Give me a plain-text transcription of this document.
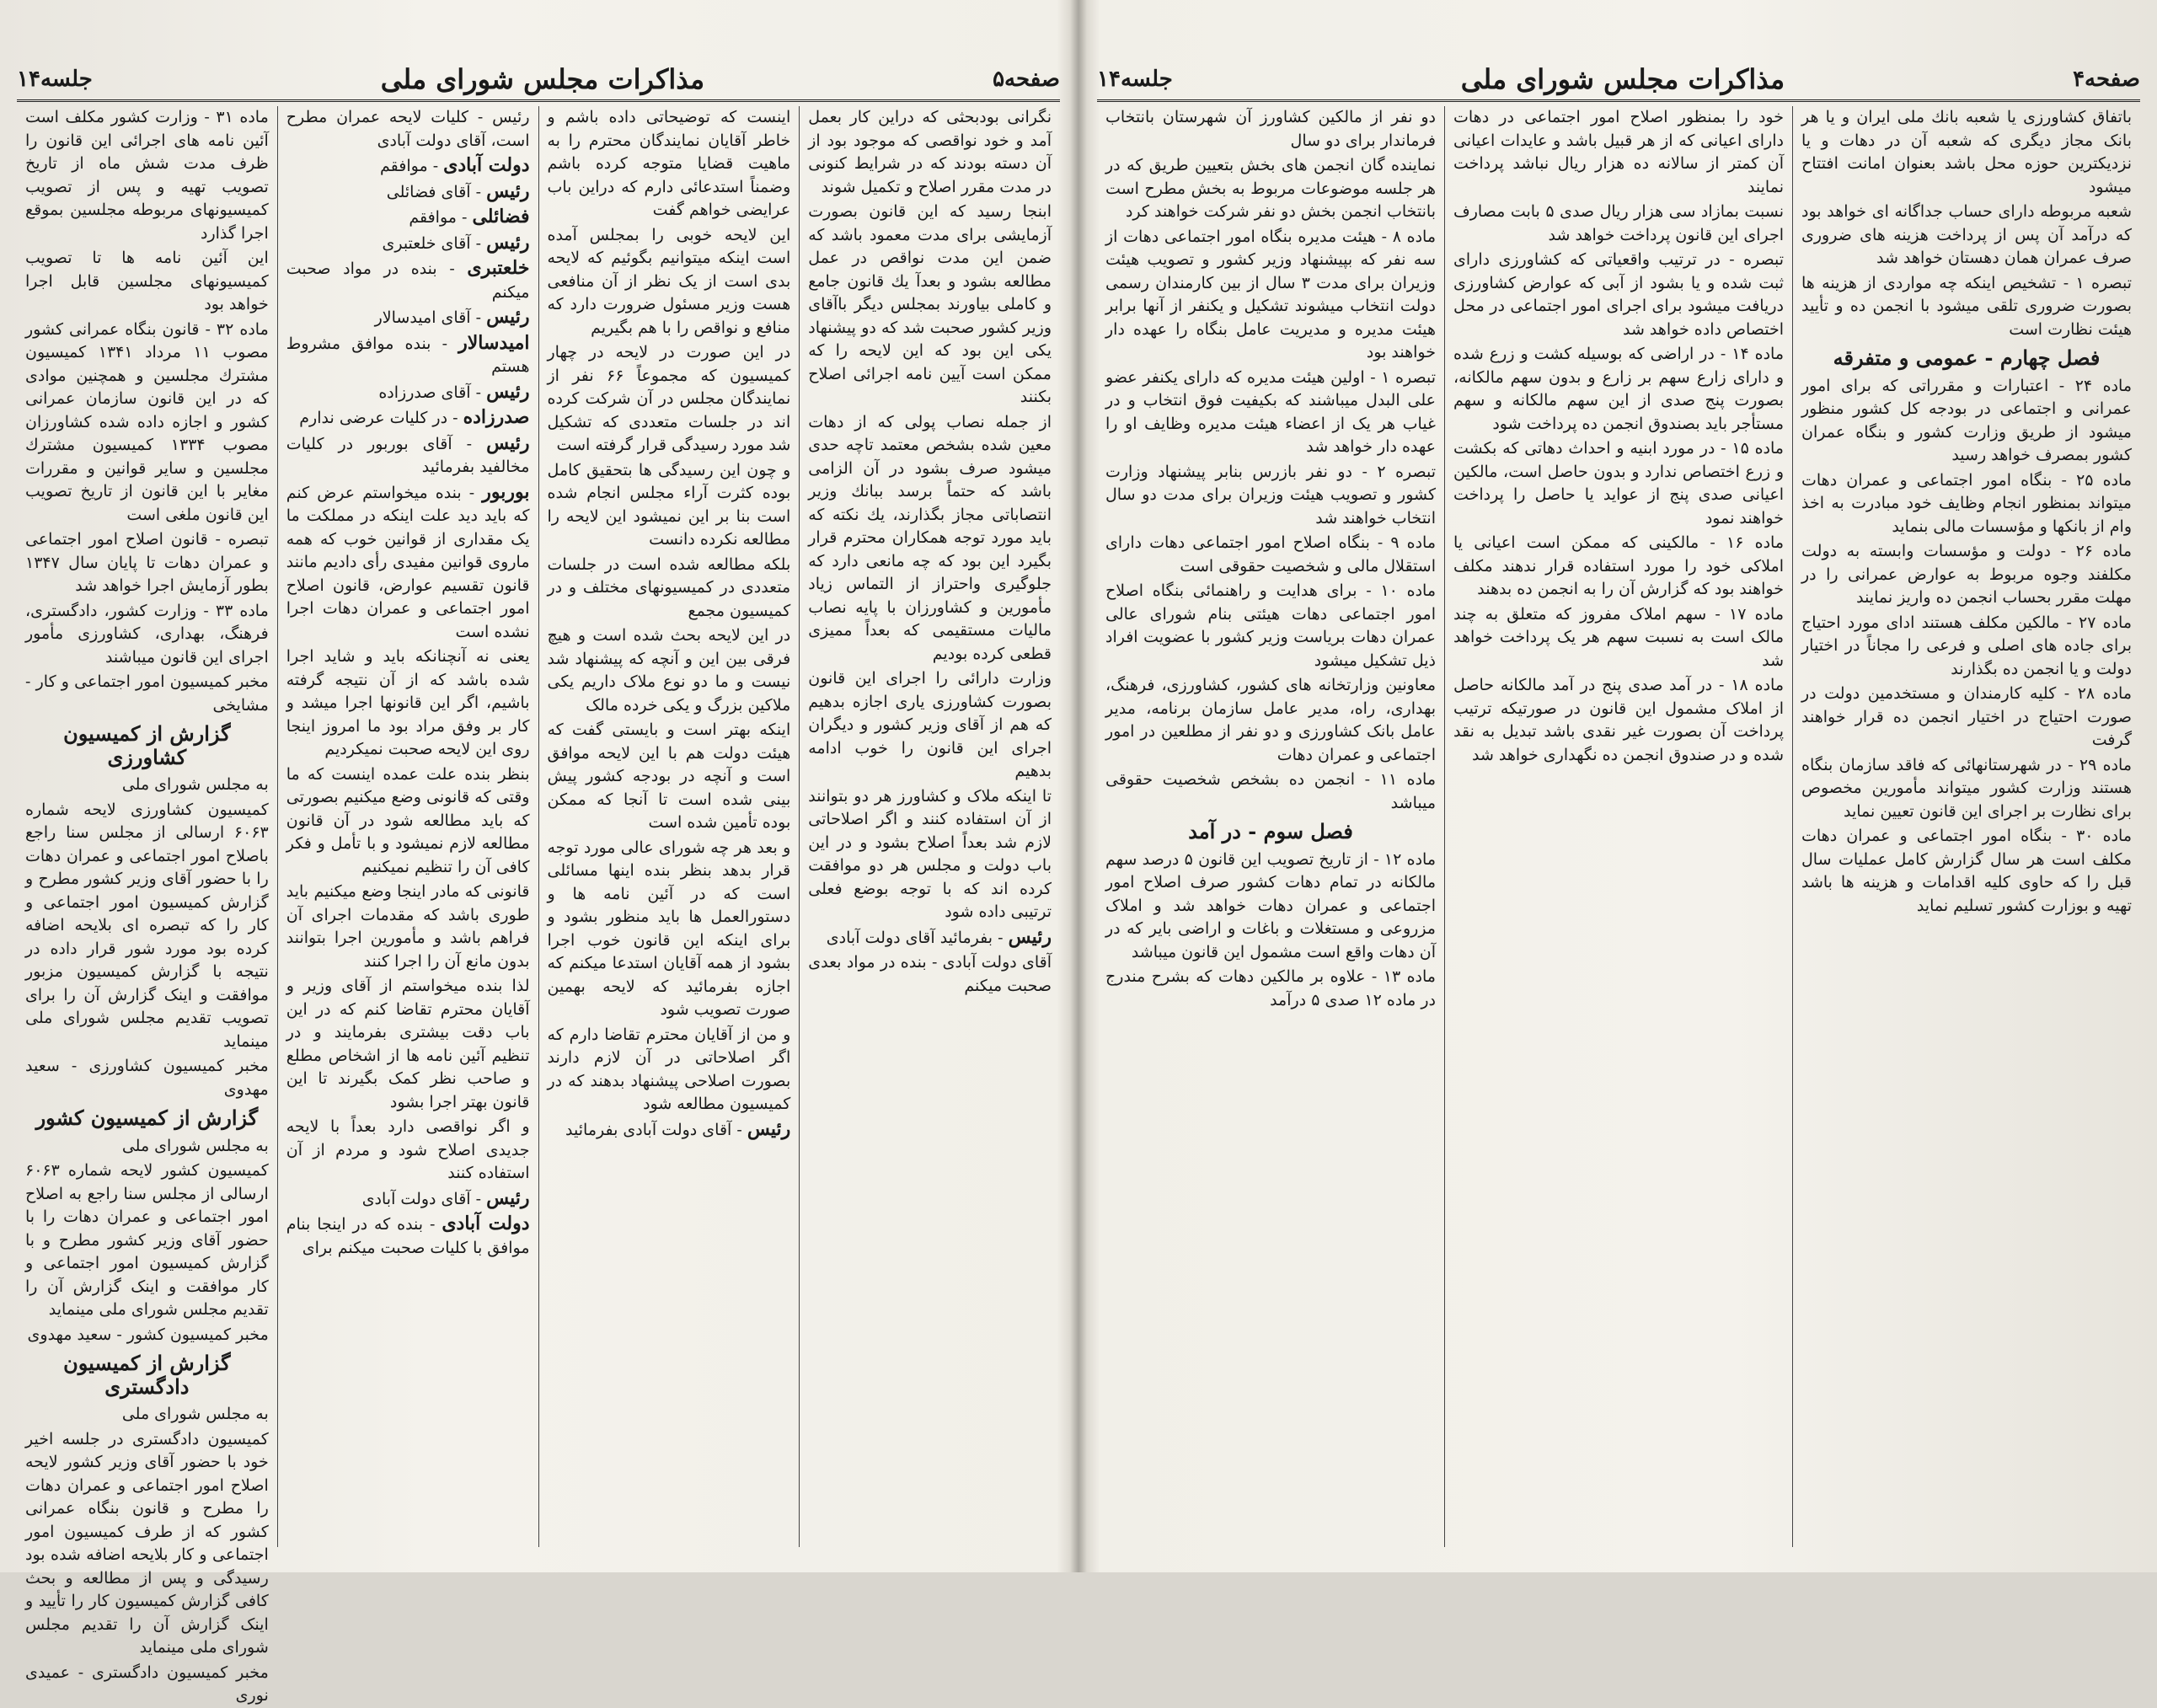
صفحه۵
مذاکرات مجلس شورای ملی
جلسه۱۴

نگرانی بودبحثی که دراین کار بعمل آمد و خود نواقصی که موجود بود از آن دسته بودند که در شرایط کنونی در مدت مقرر اصلاح و تکمیل شوند

ابنجا رسید که این قانون بصورت آزمایشی برای مدت معمود باشد که ضمن این مدت نواقص در عمل مطالعه بشود و بعدآ یك قانون جامع و کاملی بیاورند بمجلس دیگر باآقای وزیر کشور صحبت شد که دو پیشنهاد یکی این بود که این لایحه را که ممکن است آیین نامه اجرائی اصلاح بکنند

از جمله نصاب پولی که از دهات معین شده بشخص معتمد تاچه حدی میشود صرف بشود در آن الزامی باشد که حتماً برسد ببانك وزیر انتصاباتی مجاز بگذارند، یك نکته که باید مورد توجه همکاران محترم قرار بگیرد این بود که چه مانعی دارد که جلوگیری واحتراز از التماس زیاد مأمورین و کشاورزان با پایه نصاب مالیات مستقیمی که بعداً ممیزی قطعی کرده بودیم

وزارت دارائی را اجرای این قانون بصورت کشاورزی یاری اجازه بدهیم که هم از آقای وزیر کشور و دیگران اجرای این قانون را خوب ادامه بدهیم

تا اینکه ملاک و کشاورز هر دو بتوانند از آن استفاده کنند و اگر اصلاحاتی لازم شد بعداً اصلاح بشود و در این باب دولت و مجلس هر دو موافقت کرده اند که با توجه بوضع فعلی ترتیبی داده شود

رئیس - بفرمائید آقای دولت آبادی

آقای دولت آبادی - بنده در مواد بعدی صحبت میکنم

اینست که توضیحاتی داده باشم و خاطر آقایان نمایندگان محترم را به ماهیت قضایا متوجه کرده باشم وضمناً استدعائی دارم که دراین باب عرایضی خواهم گفت

این لایحه خوبی را بمجلس آمده است اینکه میتوانیم بگوئیم که لایحه بدی است از یک نظر از آن منافعی هست وزیر مسئول ضرورت دارد که منافع و نواقص را با هم بگیریم

در این صورت در لایحه در چهار کمیسیون که مجموعاً ۶۶ نفر از نمایندگان مجلس در آن شرکت کرده اند در جلسات متعددی که تشکیل شد مورد رسیدگی قرار گرفته است

و چون این رسیدگی ها بتحقیق کامل بوده کثرت آراء مجلس انجام شده است بنا بر این نمیشود این لایحه را مطالعه نکرده دانست

بلکه مطالعه شده است در جلسات متعددی در کمیسیونهای مختلف و در کمیسیون مجمع

در این لایحه بحث شده است و هیچ فرقی بین این و آنچه که پیشنهاد شد نیست و ما دو نوع ملاک داریم یکی ملاکین بزرگ و یکی خرده مالک

اینکه بهتر است و بایستی گفت که هیئت دولت هم با این لایحه موافق است و آنچه در بودجه کشور پیش بینی شده است تا آنجا که ممکن بوده تأمین شده است

و بعد هر چه شورای عالی مورد توجه قرار بدهد بنظر بنده اینها مسائلی است که در آئین نامه ها و دستورالعمل ها باید منظور بشود و برای اینکه این قانون خوب اجرا بشود از همه آقایان استدعا میکنم که اجازه بفرمائید که لایحه بهمین صورت تصویب شود

و من از آقایان محترم تقاضا دارم که اگر اصلاحاتی در آن لازم دارند بصورت اصلاحی پیشنهاد بدهند که در کمیسیون مطالعه شود

رئیس - آقای دولت آبادی بفرمائید

رئیس - کلیات لایحه عمران مطرح است، آقای دولت آبادی

دولت آبادی - موافقم

رئیس - آقای فضائلی

فضائلی - موافقم

رئیس - آقای خلعتبری

خلعتبری - بنده در مواد صحبت میکنم

رئیس - آقای امیدسالار

امیدسالار - بنده موافق مشروط هستم

رئیس - آقای صدرزاده

صدرزاده - در کلیات عرضی ندارم

رئیس - آقای بوربور در کلیات مخالفید بفرمائید

بوربور - بنده میخواستم عرض کنم که باید دید علت اینکه در مملکت ما یک مقداری از قوانین خوب که همه ماروی قوانین مفیدی رأی دادیم مانند قانون تقسیم عوارض، قانون اصلاح امور اجتماعی و عمران دهات اجرا نشده است

یعنی نه آنچنانکه باید و شاید اجرا شده باشد که از آن نتیجه گرفته باشیم، اگر این قانونها اجرا میشد و کار بر وفق مراد بود ما امروز اینجا روی این لایحه صحبت نمیکردیم

بنظر بنده علت عمده اینست که ما وقتی که قانونی وضع میکنیم بصورتی که باید مطالعه شود در آن قانون مطالعه لازم نمیشود و با تأمل و فکر کافی آن را تنظیم نمیکنیم

قانونی که مادر اینجا وضع میکنیم باید طوری باشد که مقدمات اجرای آن فراهم باشد و مأمورین اجرا بتوانند بدون مانع آن را اجرا کنند

لذا بنده میخواستم از آقای وزیر و آقایان محترم تقاضا کنم که در این باب دقت بیشتری بفرمایند و در تنظیم آئین نامه ها از اشخاص مطلع و صاحب نظر کمک بگیرند تا این قانون بهتر اجرا بشود

و اگر نواقصی دارد بعداً با لایحه جدیدی اصلاح شود و مردم از آن استفاده کنند

رئیس - آقای دولت آبادی

دولت آبادی - بنده که در اینجا بنام موافق با کلیات صحبت میکنم برای

ماده ۳۱ - وزارت کشور مکلف است آئین نامه های اجرائی این قانون را ظرف مدت شش ماه از تاریخ تصویب تهیه و پس از تصویب کمیسیونهای مربوطه مجلسین بموقع اجرا گذارد

این آئین نامه ها تا تصویب کمیسیونهای مجلسین قابل اجرا خواهد بود

ماده ۳۲ - قانون بنگاه عمرانی کشور مصوب ۱۱ مرداد ۱۳۴۱ کمیسیون مشترك مجلسین و همچنین موادی که در این قانون سازمان عمرانی کشور و اجازه داده شده کشاورزان مصوب ۱۳۳۴ کمیسیون مشترك مجلسین و سایر قوانین و مقررات مغایر با این قانون از تاریخ تصویب این قانون ملغی است

تبصره - قانون اصلاح امور اجتماعی و عمران دهات تا پایان سال ۱۳۴۷ بطور آزمایش اجرا خواهد شد

ماده ۳۳ - وزارت کشور، دادگستری، فرهنگ، بهداری، کشاورزی مأمور اجرای این قانون میباشند

مخبر کمیسیون امور اجتماعی و کار - مشایخی

گزارش از کمیسیون کشاورزی

به مجلس شورای ملی

کمیسیون کشاورزی لایحه شماره ۶۰۶۳ ارسالی از مجلس سنا راجع باصلاح امور اجتماعی و عمران دهات را با حضور آقای وزیر کشور مطرح و گزارش کمیسیون امور اجتماعی و کار را که تبصره ای بلایحه اضافه کرده بود مورد شور قرار داده در نتیجه با گزارش کمیسیون مزبور موافقت و اینک گزارش آن را برای تصویب تقدیم مجلس شورای ملی مینماید

مخبر کمیسیون کشاورزی - سعید مهدوی

گزارش از کمیسیون کشور

به مجلس شورای ملی

کمیسیون کشور لایحه شماره ۶۰۶۳ ارسالی از مجلس سنا راجع به اصلاح امور اجتماعی و عمران دهات را با حضور آقای وزیر کشور مطرح و با گزارش کمیسیون امور اجتماعی و کار موافقت و اینک گزارش آن را تقدیم مجلس شورای ملی مینماید

مخبر کمیسیون کشور - سعید مهدوی

گزارش از کمیسیون دادگستری

به مجلس شورای ملی

کمیسیون دادگستری در جلسه اخیر خود با حضور آقای وزیر کشور لایحه اصلاح امور اجتماعی و عمران دهات را مطرح و قانون بنگاه عمرانی کشور که از طرف کمیسیون امور اجتماعی و کار بلایحه اضافه شده بود رسیدگی و پس از مطالعه و بحث کافی گزارش کمیسیون کار را تأیید و اینک گزارش آن را تقدیم مجلس شورای ملی مینماید

مخبر کمیسیون دادگستری - عمیدی نوری

صفحه۴
مذاکرات مجلس شورای ملی
جلسه۱۴

باتفاق کشاورزی یا شعبه بانك ملی ایران و یا هر بانک مجاز دیگری که شعبه آن در دهات و یا نزدیکترین حوزه محل باشد بعنوان امانت افتتاح میشود

شعبه مربوطه دارای حساب جداگانه ای خواهد بود که درآمد آن پس از پرداخت هزینه های ضروری صرف عمران همان دهستان خواهد شد

تبصره ۱ - تشخیص اینکه چه مواردی از هزینه ها بصورت ضروری تلقی میشود با انجمن ده و تأیید هیئت نظارت است

فصل چهارم - عمومی و متفرقه

ماده ۲۴ - اعتبارات و مقرراتی که برای امور عمرانی و اجتماعی در بودجه کل کشور منظور میشود از طریق وزارت کشور و بنگاه عمران کشور بمصرف خواهد رسید

ماده ۲۵ - بنگاه امور اجتماعی و عمران دهات میتواند بمنظور انجام وظایف خود مبادرت به اخذ وام از بانکها و مؤسسات مالی بنماید

ماده ۲۶ - دولت و مؤسسات وابسته به دولت مکلفند وجوه مربوط به عوارض عمرانی را در مهلت مقرر بحساب انجمن ده واریز نمایند

ماده ۲۷ - مالکین مکلف هستند ادای مورد احتیاج برای جاده های اصلی و فرعی را مجاناً در اختیار دولت و یا انجمن ده بگذارند

ماده ۲۸ - کلیه کارمندان و مستخدمین دولت در صورت احتیاج در اختیار انجمن ده قرار خواهند گرفت

ماده ۲۹ - در شهرستانهائی که فاقد سازمان بنگاه هستند وزارت کشور میتواند مأمورین مخصوص برای نظارت بر اجرای این قانون تعیین نماید

ماده ۳۰ - بنگاه امور اجتماعی و عمران دهات مکلف است هر سال گزارش کامل عملیات سال قبل را که حاوی کلیه اقدامات و هزینه ها باشد تهیه و بوزارت کشور تسلیم نماید

خود را بمنظور اصلاح امور اجتماعی در دهات دارای اعیانی که از هر قبیل باشد و عایدات اعیانی آن کمتر از سالانه ده هزار ریال نباشد پرداخت نمایند

نسبت بمازاد سی هزار ریال صدی ۵ بابت مصارف اجرای این قانون پرداخت خواهد شد

تبصره - در ترتیب واقعیاتی که کشاورزی دارای ثبت شده و یا بشود از آبی که عوارض کشاورزی دریافت میشود برای اجرای امور اجتماعی در محل اختصاص داده خواهد شد

ماده ۱۴ - در اراضی که بوسیله کشت و زرع شده و دارای زارع سهم بر زارع و بدون سهم مالکانه، بصورت پنج صدی از این سهم مالکانه و سهم مستأجر باید بصندوق انجمن ده پرداخت شود

ماده ۱۵ - در مورد ابنیه و احداث دهاتی که بکشت و زرع اختصاص ندارد و بدون حاصل است، مالکین اعیانی صدی پنج از عواید یا حاصل را پرداخت خواهند نمود

ماده ۱۶ - مالکینی که ممکن است اعیانی یا املاکی خود را مورد استفاده قرار ندهند مکلف خواهند بود که گزارش آن را به انجمن ده بدهند

ماده ۱۷ - سهم املاک مفروز که متعلق به چند مالک است به نسبت سهم هر یک پرداخت خواهد شد

ماده ۱۸ - در آمد صدی پنج در آمد مالکانه حاصل از املاک مشمول این قانون در صورتیکه ترتیب پرداخت آن بصورت غیر نقدی باشد تبدیل به نقد شده و در صندوق انجمن ده نگهداری خواهد شد

دو نفر از مالکین کشاورز آن شهرستان بانتخاب فرماندار برای دو سال

نماینده گان انجمن های بخش بتعیین طریق که در هر جلسه موضوعات مربوط به بخش مطرح است بانتخاب انجمن بخش دو نفر شرکت خواهند کرد

ماده ۸ - هیئت مدیره بنگاه امور اجتماعی دهات از سه نفر که بپیشنهاد وزیر کشور و تصویب هیئت وزیران برای مدت ۳ سال از بین کارمندان رسمی دولت انتخاب میشوند تشکیل و یکنفر از آنها برابر هیئت مدیره و مدیریت عامل بنگاه را عهده دار خواهند بود

تبصره ۱ - اولین هیئت مدیره که دارای یکنفر عضو علی البدل میباشند که بکیفیت فوق انتخاب و در غیاب هر یک از اعضاء هیئت مدیره وظایف او را عهده دار خواهد شد

تبصره ۲ - دو نفر بازرس بنابر پیشنهاد وزارت کشور و تصویب هیئت وزیران برای مدت دو سال انتخاب خواهند شد

ماده ۹ - بنگاه اصلاح امور اجتماعی دهات دارای استقلال مالی و شخصیت حقوقی است

ماده ۱۰ - برای هدایت و راهنمائی بنگاه اصلاح امور اجتماعی دهات هیئتی بنام شورای عالی عمران دهات بریاست وزیر کشور با عضویت افراد ذیل تشکیل میشود

معاونین وزارتخانه های کشور، کشاورزی، فرهنگ، بهداری، راه، مدیر عامل سازمان برنامه، مدیر عامل بانک کشاورزی و دو نفر از مطلعین در امور اجتماعی و عمران دهات

ماده ۱۱ - انجمن ده بشخص شخصیت حقوقی میباشد

فصل سوم - در آمد

ماده ۱۲ - از تاریخ تصویب این قانون ۵ درصد سهم مالکانه در تمام دهات کشور صرف اصلاح امور اجتماعی و عمران دهات خواهد شد و املاک مزروعی و مستغلات و باغات و اراضی بایر که در آن دهات واقع است مشمول این قانون میباشد

ماده ۱۳ - علاوه بر مالکین دهات که بشرح مندرج در ماده ۱۲ صدی ۵ درآمد
